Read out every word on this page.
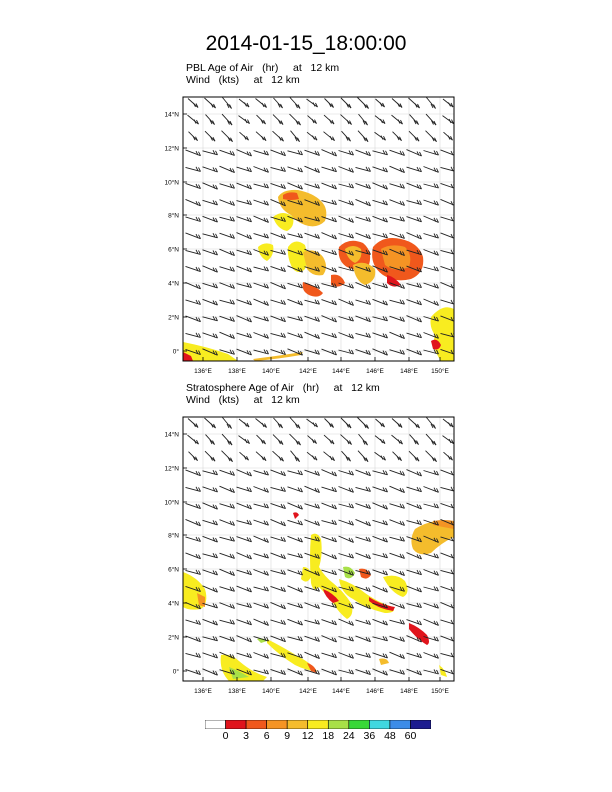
2014-01-15_18:00:00
PBL Age of Air   (hr)     at   12 km
Wind   (kts)     at   12 km
14°N
12°N
10°N
8°N
6°N
4°N
2°N
0°
136°E 138°E 140°E	142°E 144°E 146°E 148°E 150°E
Stratosphere Age of Air   (hr)     at   12 km
Wind   (kts)     at   12 km
14°N
12°N
10°N
8°N
6°N
4°N
2°N
0°
136°E 138°E 140°E	142°E 144°E 146°E 148°E 150°E
0 3 6 9 12 18 24 36 48 60
